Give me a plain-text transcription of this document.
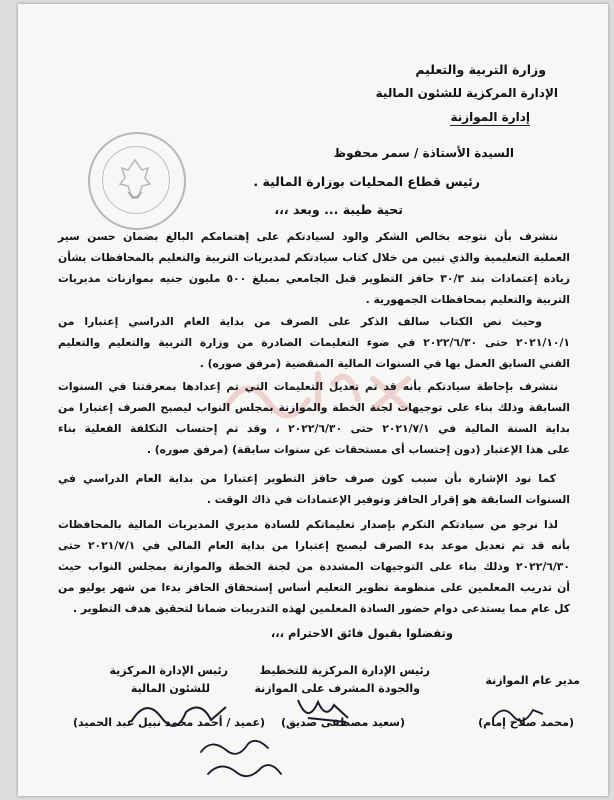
وزارة التربية والتعليم
الإدارة المركزية للشئون المالية
إدارة الموازنة
السيدة الأستاذة / سمر محفوظ
رئيس قطاع المحليات بوزارة المالية .
تحية طيبة ... وبعد ،،،
نتشرف بأن نتوجه بخالص الشكر والود لسيادتكم على إهتمامكم البالغ بضمان حسن سير
العملية التعليمية والذي تبين من خلال كتاب سيادتكم لمديريات التربية والتعليم بالمحافظات بشأن
زيادة إعتمادات بند ٣٠/٣ حافز التطوير قبل الجامعي بمبلغ ٥٠٠ مليون جنيه بموازنات مديريات
التربية والتعليم بمحافظات الجمهورية .
وحيث نص الكتاب سالف الذكر على الصرف من بداية العام الدراسي إعتبارا من
٢٠٢١/١٠/١ حتى ٢٠٢٢/٦/٣٠ في ضوء التعليمات الصادرة من وزارة التربية والتعليم والتعليم
الفني السابق العمل بها في السنوات المالية المنقضية (مرفق صوره) .
نتشرف بإحاطة سيادتكم بأنه قد تم تعديل التعليمات التي تم إعدادها بمعرفتنا في السنوات
السابقة وذلك بناء على توجيهات لجنة الخطة والموازنة بمجلس النواب ليصبح الصرف إعتبارا من
بداية السنة المالية في ٢٠٢١/٧/١ حتى ٢٠٢٢/٦/٣٠ ، وقد تم إحتساب التكلفة الفعلية بناء
على هذا الإعتبار (دون إحتساب أى مستحقات عن سنوات سابقة) (مرفق صوره) .
كما نود الإشارة بأن سبب كون صرف حافز التطوير إعتبارا من بداية العام الدراسي في
السنوات السابقة هو إقرار الحافز وتوفير الإعتمادات في ذاك الوقت .
لذا نرجو من سيادتكم التكرم بإصدار تعليماتكم للسادة مديري المديريات المالية بالمحافظات
بأنه قد تم تعديل موعد بدء الصرف ليصبح إعتبارا من بداية العام المالي في ٢٠٢١/٧/١ حتى
٢٠٢٢/٦/٣٠ وذلك بناء على التوجيهات المشددة من لجنة الخطة والموازنة بمجلس النواب حيث
أن تدريب المعلمين على منظومة تطوير التعليم أساس إستحقاق الحافز بدءا من شهر يوليو من
كل عام مما يستدعى دوام حضور السادة المعلمين لهذه التدريبات ضمانا لتحقيق هدف التطوير .
وتفضلوا بقبول فائق الاحترام ،،،
مدير عام الموازنة
(محمد صلاح إمام)
رئيس الإدارة المركزية للتخطيط
والجودة المشرف على الموازنة
(سعيد مصطفى صديق)
رئيس الإدارة المركزية
للشئون المالية
(عميد / أحمد محمد نبيل عبد الحميد)
